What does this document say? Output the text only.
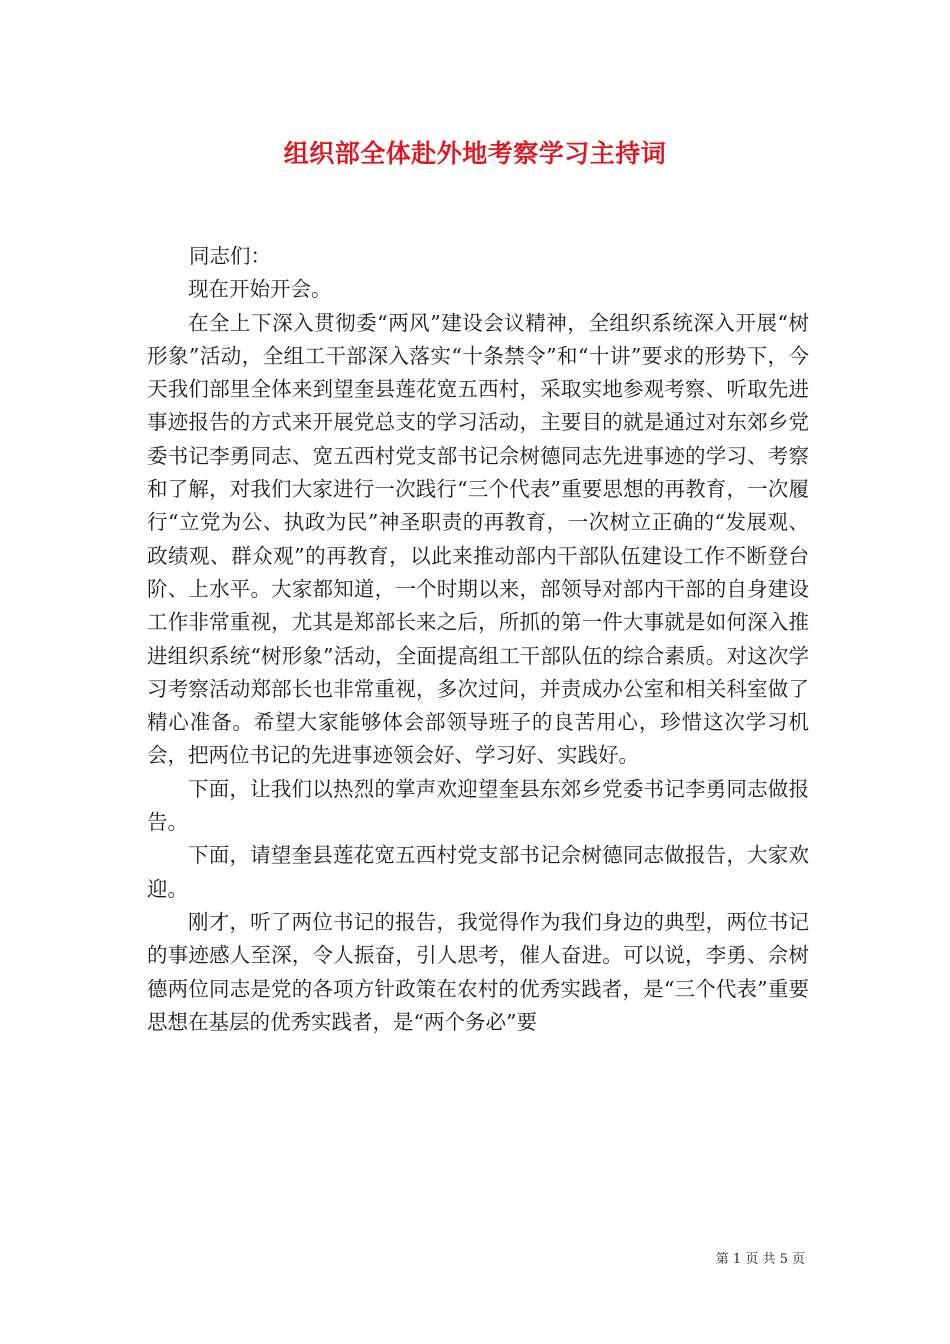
组织部全体赴外地考察学习主持词

同志们：

现在开始开会。

在全上下深入贯彻委“两风”建设会议精神，全组织系统深入开展“树形象”活动，全组工干部深入落实“十条禁令”和“十讲”要求的形势下，今天我们部里全体来到望奎县莲花宽五西村，采取实地参观考察、听取先进事迹报告的方式来开展党总支的学习活动，主要目的就是通过对东郊乡党委书记李勇同志、宽五西村党支部书记佘树德同志先进事迹的学习、考察和了解，对我们大家进行一次践行“三个代表”重要思想的再教育，一次履行“立党为公、执政为民”神圣职责的再教育，一次树立正确的“发展观、政绩观、群众观”的再教育，以此来推动部内干部队伍建设工作不断登台阶、上水平。大家都知道，一个时期以来，部领导对部内干部的自身建设工作非常重视，尤其是郑部长来之后，所抓的第一件大事就是如何深入推进组织系统“树形象”活动，全面提高组工干部队伍的综合素质。对这次学习考察活动郑部长也非常重视，多次过问，并责成办公室和相关科室做了精心准备。希望大家能够体会部领导班子的良苦用心，珍惜这次学习机会，把两位书记的先进事迹领会好、学习好、实践好。

下面，让我们以热烈的掌声欢迎望奎县东郊乡党委书记李勇同志做报告。

下面，请望奎县莲花宽五西村党支部书记佘树德同志做报告，大家欢迎。

刚才，听了两位书记的报告，我觉得作为我们身边的典型，两位书记的事迹感人至深，令人振奋，引人思考，催人奋进。可以说，李勇、佘树德两位同志是党的各项方针政策在农村的优秀实践者，是“三个代表”重要思想在基层的优秀实践者，是“两个务必”要

第 1 页 共 5 页
